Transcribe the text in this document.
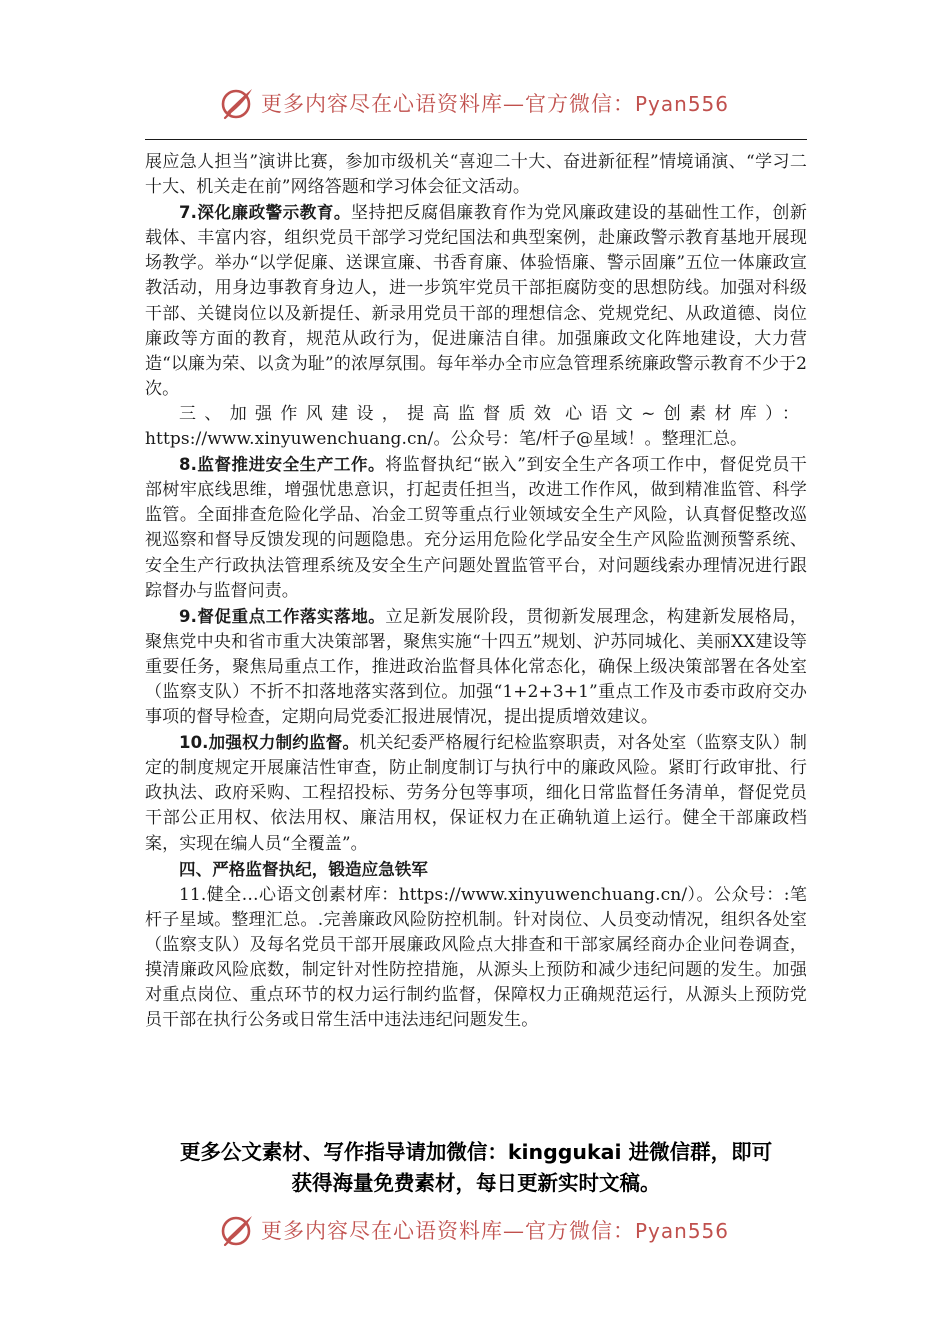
更多内容尽在心语资料库—官方微信：Pyan556

展应急人担当”演讲比赛，参加市级机关“喜迎二十大、奋进新征程”情境诵演、“学习二十大、机关走在前”网络答题和学习体会征文活动。

7.深化廉政警示教育。坚持把反腐倡廉教育作为党风廉政建设的基础性工作，创新载体、丰富内容，组织党员干部学习党纪国法和典型案例，赴廉政警示教育基地开展现场教学。举办“以学促廉、送课宣廉、书香育廉、体验悟廉、警示固廉”五位一体廉政宣教活动，用身边事教育身边人，进一步筑牢党员干部拒腐防变的思想防线。加强对科级干部、关键岗位以及新提任、新录用党员干部的理想信念、党规党纪、从政道德、岗位廉政等方面的教育，规范从政行为，促进廉洁自律。加强廉政文化阵地建设，大力营造“以廉为荣、以贪为耻”的浓厚氛围。每年举办全市应急管理系统廉政警示教育不少于2次。

三、加强作风建设，提高监督质效 心语文~创素材库）：https://www.xinyuwenchuang.cn/。公众号：笔/杆子@星域！。整理汇总。

8.监督推进安全生产工作。将监督执纪“嵌入”到安全生产各项工作中，督促党员干部树牢底线思维，增强忧患意识，打起责任担当，改进工作作风，做到精准监管、科学监管。全面排查危险化学品、冶金工贸等重点行业领域安全生产风险，认真督促整改巡视巡察和督导反馈发现的问题隐患。充分运用危险化学品安全生产风险监测预警系统、安全生产行政执法管理系统及安全生产问题处置监管平台，对问题线索办理情况进行跟踪督办与监督问责。

9.督促重点工作落实落地。立足新发展阶段，贯彻新发展理念，构建新发展格局，聚焦党中央和省市重大决策部署，聚焦实施“十四五”规划、沪苏同城化、美丽XX建设等重要任务，聚焦局重点工作，推进政治监督具体化常态化，确保上级决策部署在各处室（监察支队）不折不扣落地落实落到位。加强“1+2+3+1”重点工作及市委市政府交办事项的督导检查，定期向局党委汇报进展情况，提出提质增效建议。

10.加强权力制约监督。机关纪委严格履行纪检监察职责，对各处室（监察支队）制定的制度规定开展廉洁性审查，防止制度制订与执行中的廉政风险。紧盯行政审批、行政执法、政府采购、工程招投标、劳务分包等事项，细化日常监督任务清单，督促党员干部公正用权、依法用权、廉洁用权，保证权力在正确轨道上运行。健全干部廉政档案，实现在编人员“全覆盖”。

四、严格监督执纪，锻造应急铁军

11.健全…心语文创素材库：https://www.xinyuwenchuang.cn/）。公众号：:笔杆子星域。整理汇总。.完善廉政风险防控机制。针对岗位、人员变动情况，组织各处室（监察支队）及每名党员干部开展廉政风险点大排查和干部家属经商办企业问卷调查，摸清廉政风险底数，制定针对性防控措施，从源头上预防和减少违纪问题的发生。加强对重点岗位、重点环节的权力运行制约监督，保障权力正确规范运行，从源头上预防党员干部在执行公务或日常生活中违法违纪问题发生。

更多公文素材、写作指导请加微信：kinggukai 进微信群，即可
获得海量免费素材，每日更新实时文稿。
更多内容尽在心语资料库—官方微信：Pyan556
